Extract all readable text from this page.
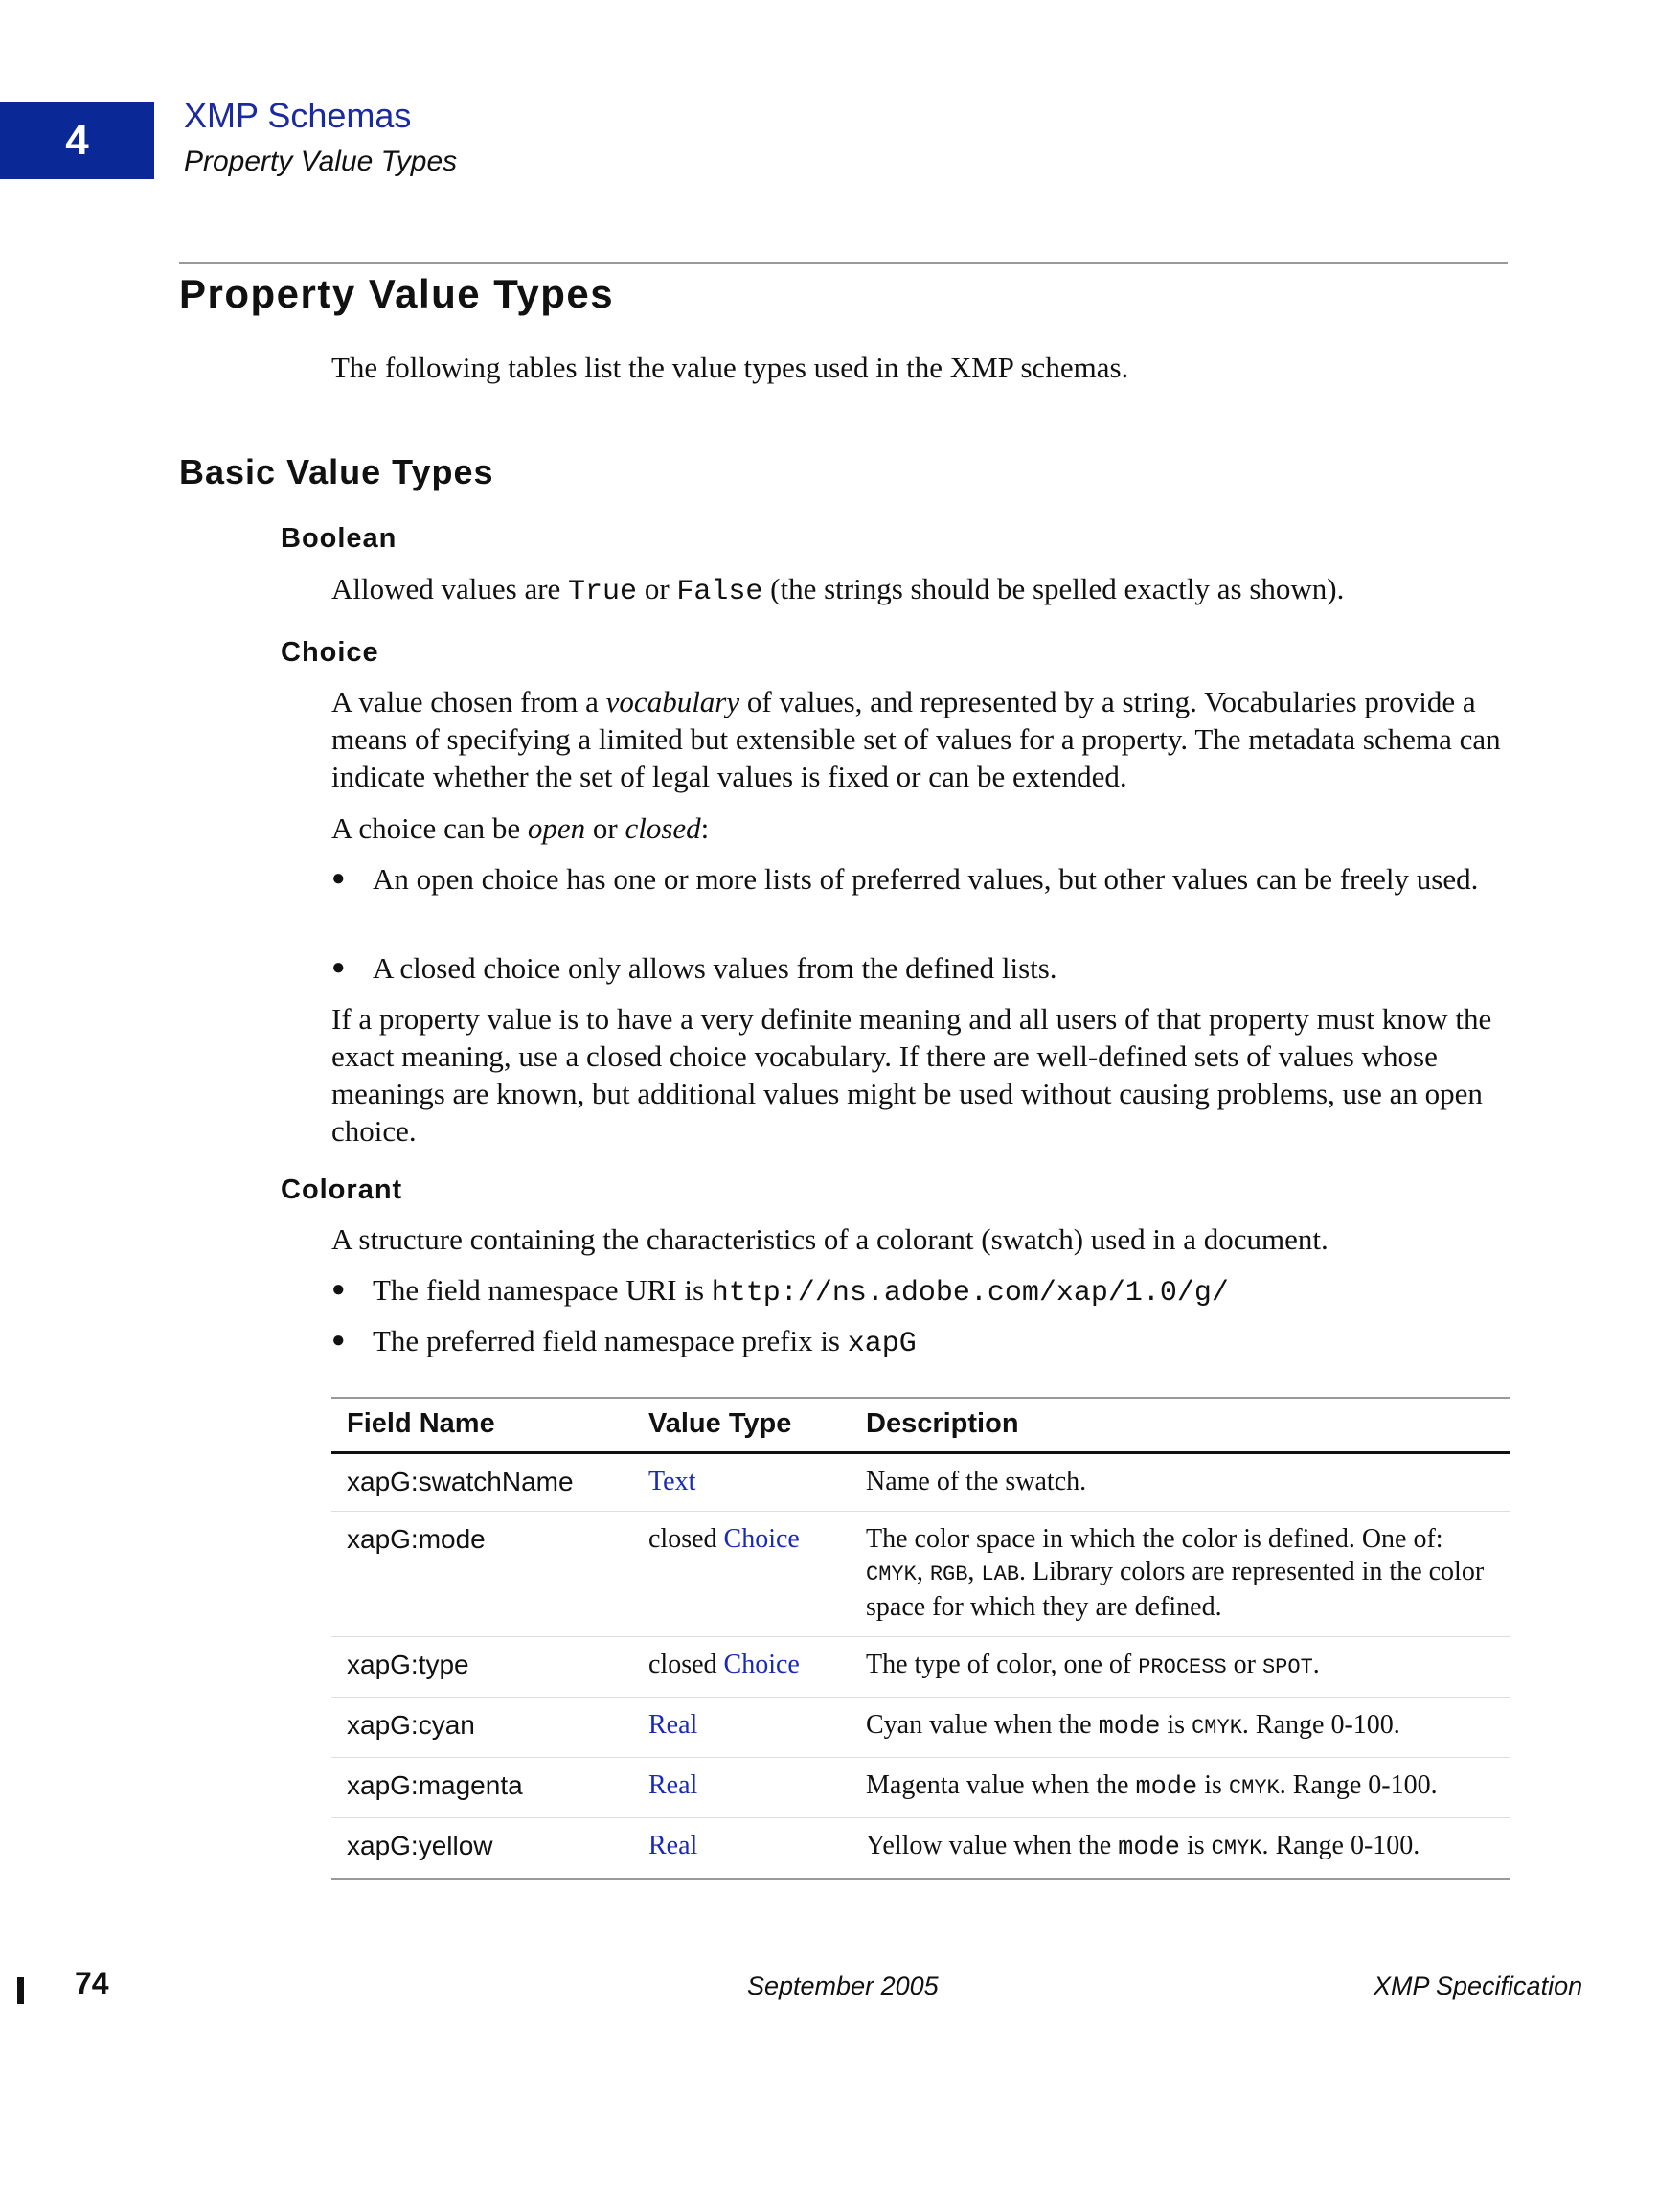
4
XMP Schemas
Property Value Types
Property Value Types

The following tables list the value types used in the XMP schemas.

Basic Value Types
Boolean

Allowed values are True or False (the strings should be spelled exactly as shown).

Choice

A value chosen from a vocabulary of values, and represented by a string. Vocabularies provide a means of specifying a limited but extensible set of values for a property. The metadata schema can indicate whether the set of legal values is fixed or can be extended.

A choice can be open or closed:

● An open choice has one or more lists of preferred values, but other values can be freely used.
● A closed choice only allows values from the defined lists.

If a property value is to have a very definite meaning and all users of that property must know the exact meaning, use a closed choice vocabulary. If there are well-defined sets of values whose meanings are known, but additional values might be used without causing problems, use an open choice.

Colorant

A structure containing the characteristics of a colorant (swatch) used in a document.

● The field namespace URI is http://ns.adobe.com/xap/1.0/g/
● The preferred field namespace prefix is xapG
Field Name	Value Type	Description
xapG:swatchName	Text	Name of the swatch.
xapG:mode	closed Choice	The color space in which the color is defined. One of: CMYK, RGB, LAB. Library colors are represented in the color space for which they are defined.
xapG:type	closed Choice	The type of color, one of PROCESS or SPOT.
xapG:cyan	Real	Cyan value when the mode is CMYK. Range 0-100.
xapG:magenta	Real	Magenta value when the mode is CMYK. Range 0-100.
xapG:yellow	Real	Yellow value when the mode is CMYK. Range 0-100.
74	September 2005	XMP Specification
